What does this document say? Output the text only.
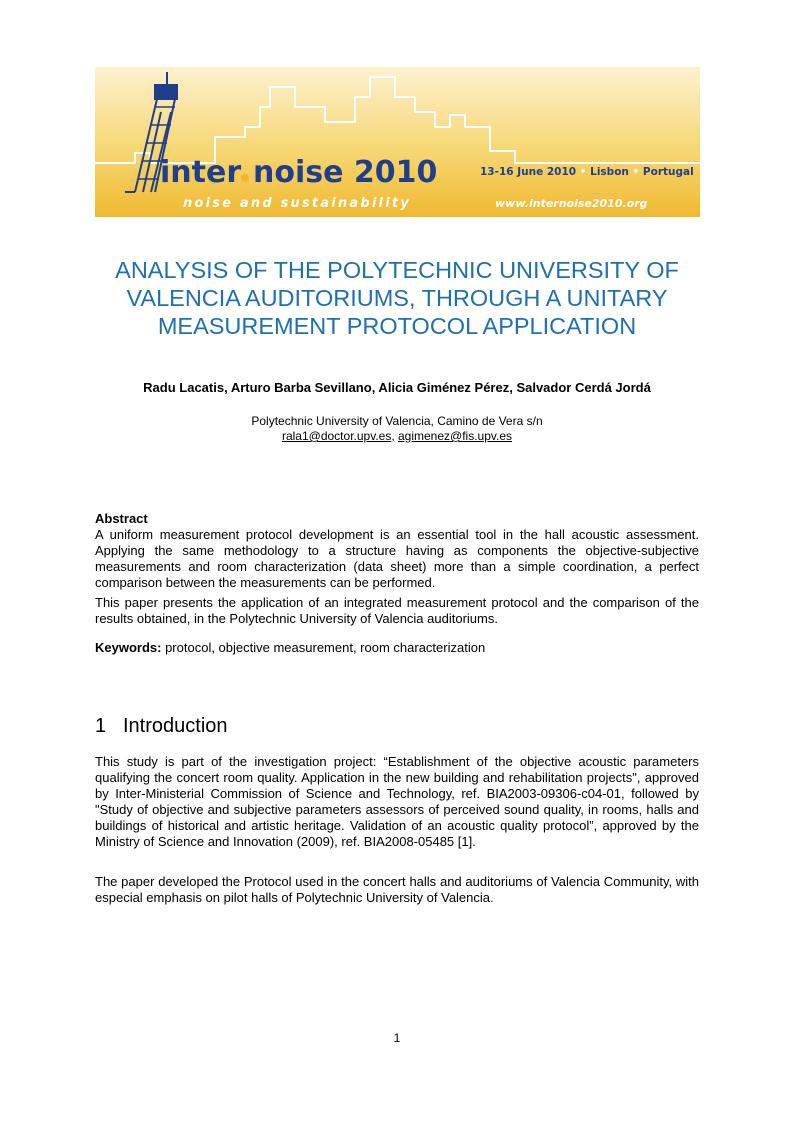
inter noise 2010
noise and sustainability
13-16 June 2010 • Lisbon • Portugal
www.internoise2010.org
ANALYSIS OF THE POLYTECHNIC UNIVERSITY OF
VALENCIA AUDITORIUMS, THROUGH A UNITARY
MEASUREMENT PROTOCOL APPLICATION
Radu Lacatis, Arturo Barba Sevillano, Alicia Giménez Pérez, Salvador Cerdá Jordá
Polytechnic University of Valencia, Camino de Vera s/n
rala1@doctor.upv.es, agimenez@fis.upv.es
Abstract
A uniform measurement protocol development is an essential tool in the hall acoustic assessment. Applying the same methodology to a structure having as components the objective-subjective measurements and room characterization (data sheet) more than a simple coordination, a perfect comparison between the measurements can be performed.
This paper presents the application of an integrated measurement protocol and the comparison of the results obtained, in the Polytechnic University of Valencia auditoriums.
Keywords: protocol, objective measurement, room characterization
1 Introduction
This study is part of the investigation project: “Establishment of the objective acoustic parameters qualifying the concert room quality. Application in the new building and rehabilitation projects", approved by Inter-Ministerial Commission of Science and Technology, ref. BIA2003-09306-c04-01, followed by "Study of objective and subjective parameters assessors of perceived sound quality, in rooms, halls and buildings of historical and artistic heritage. Validation of an acoustic quality protocol”, approved by the Ministry of Science and Innovation (2009), ref. BIA2008-05485 [1].
The paper developed the Protocol used in the concert halls and auditoriums of Valencia Community, with especial emphasis on pilot halls of Polytechnic University of Valencia.
1
